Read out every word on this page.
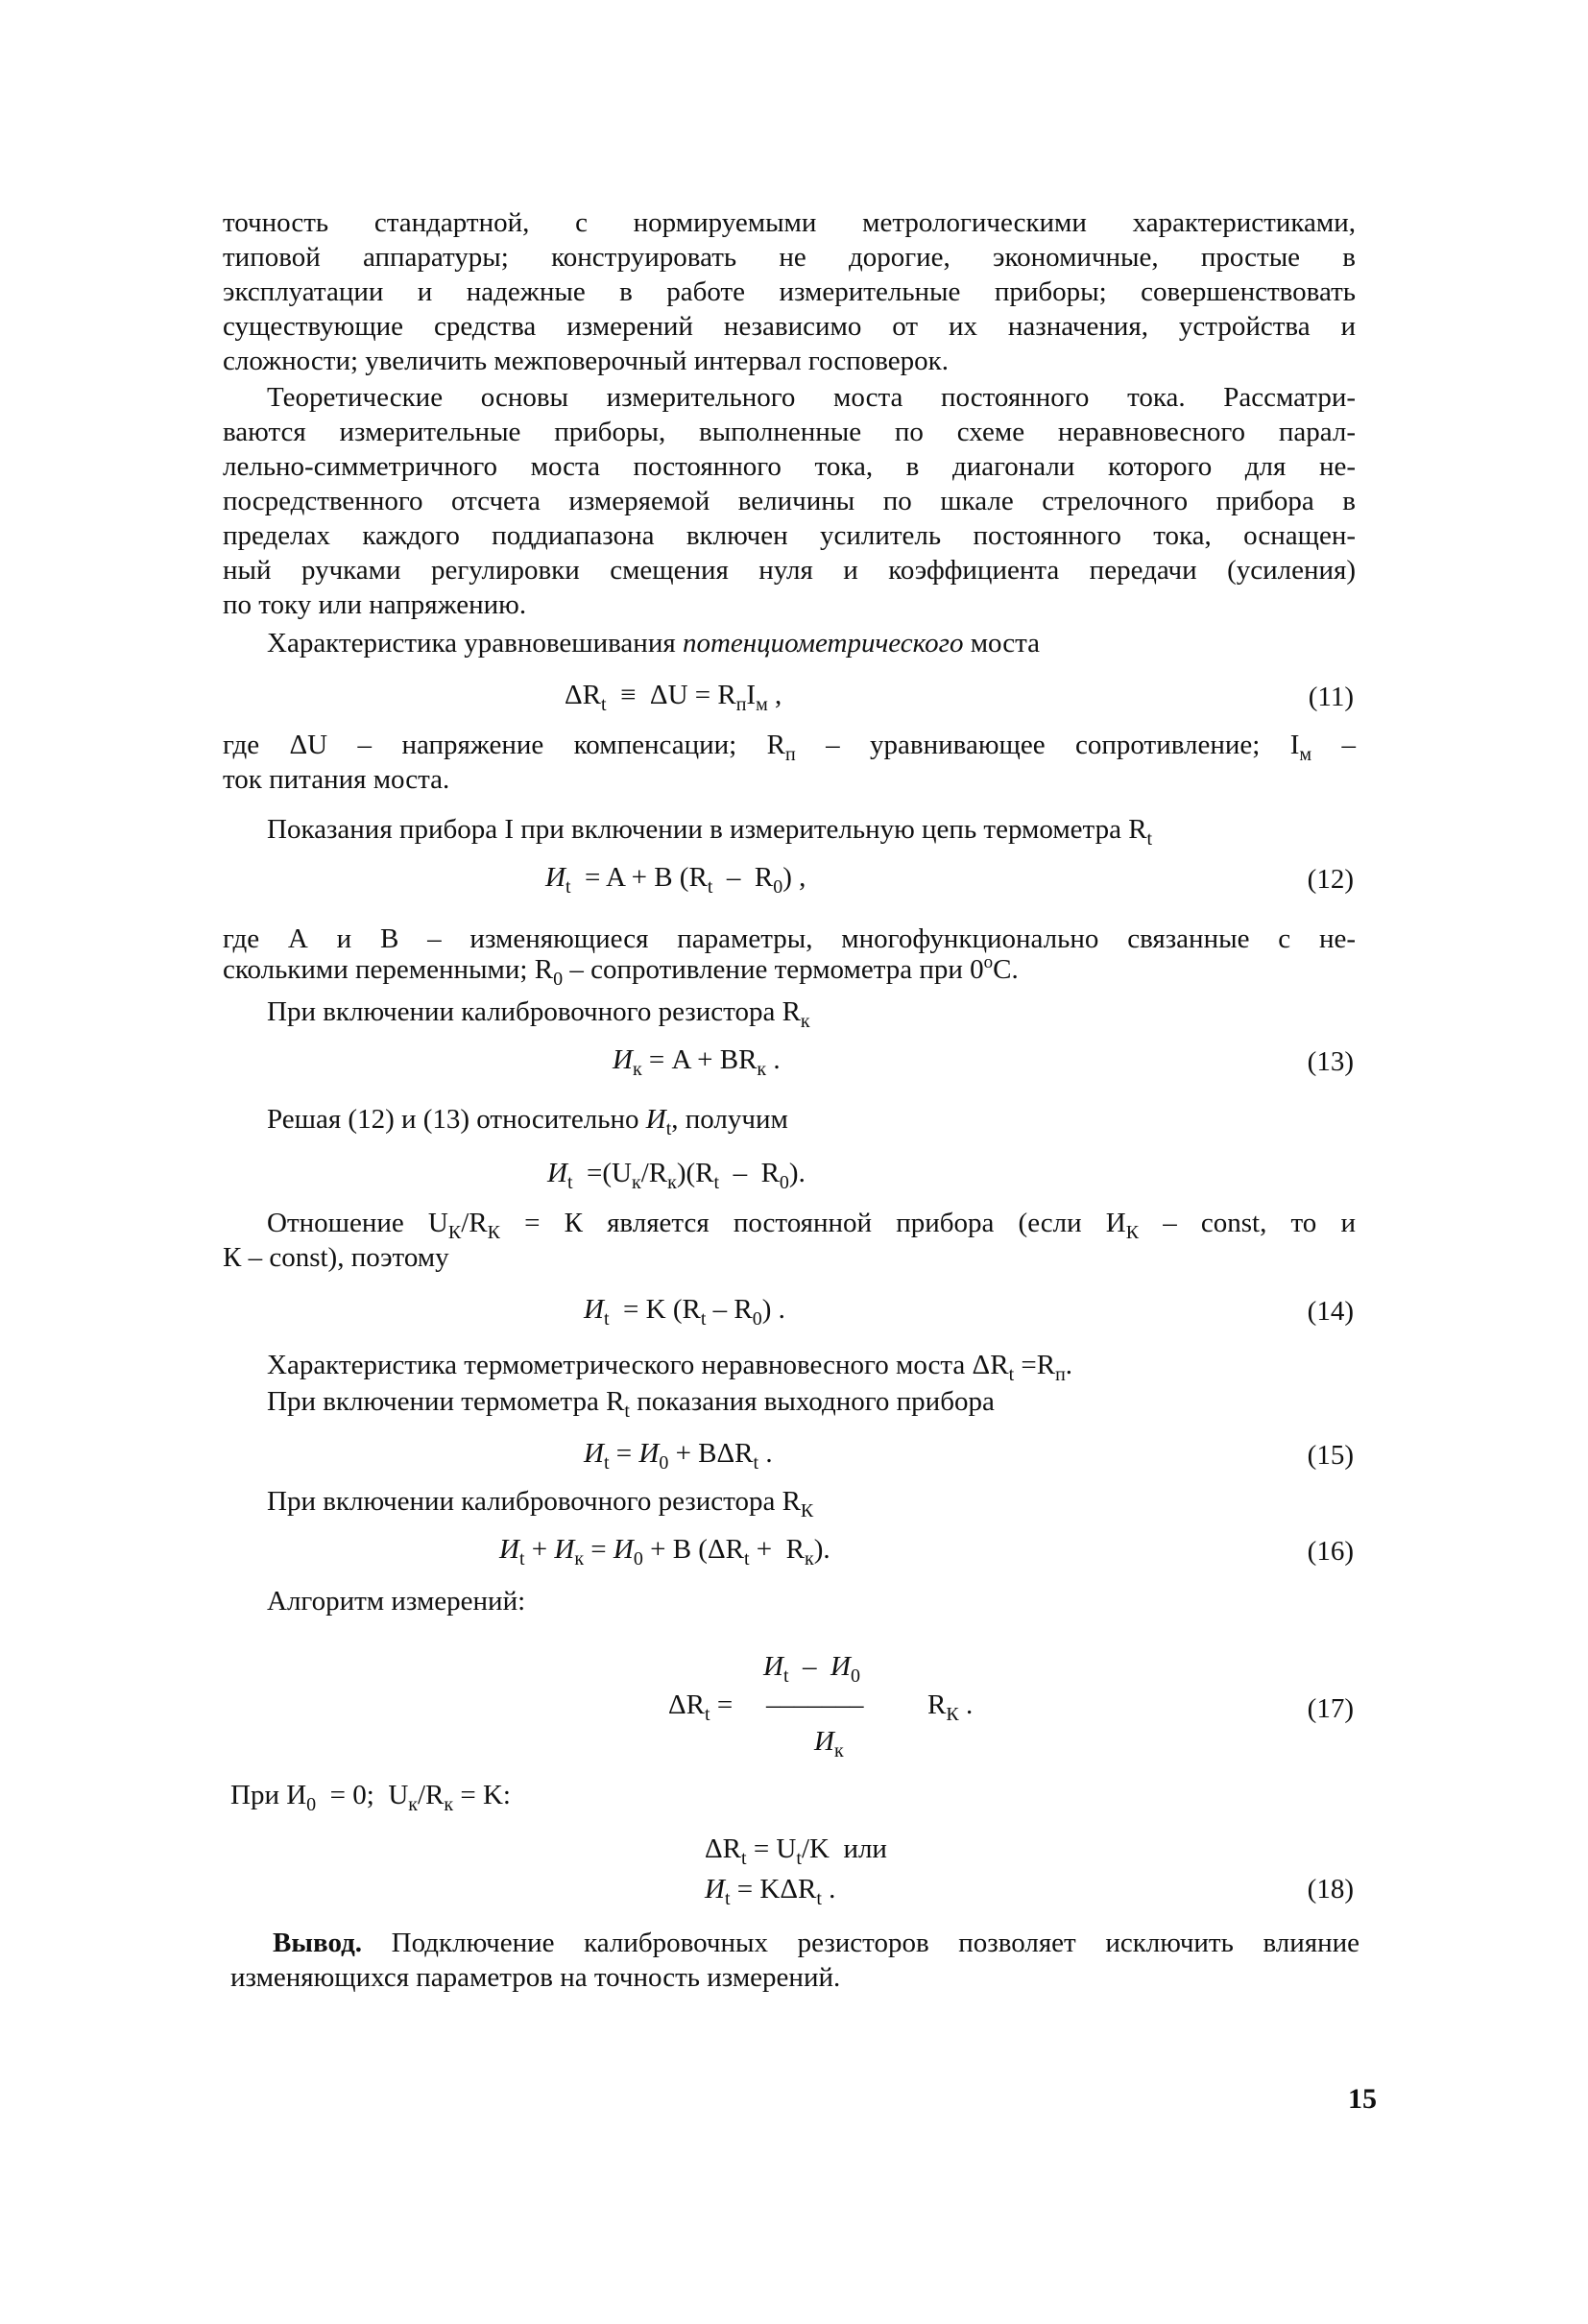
точность стандартной, с нормируемыми метрологическими характеристиками,
типовой аппаратуры; конструировать не дорогие, экономичные, простые в
эксплуатации и надежные в работе измерительные приборы; совершенствовать
существующие средства измерений независимо от их назначения, устройства и
сложности; увеличить межповерочный интервал госповерок.
Теоретические основы измерительного моста постоянного тока. Рассматри-
ваются измерительные приборы, выполненные по схеме неравновесного парал-
лельно-симметричного моста постоянного тока, в диагонали которого для не-
посредственного отсчета измеряемой величины по шкале стрелочного прибора в
пределах каждого поддиапазона включен усилитель постоянного тока, оснащен-
ный ручками регулировки смещения нуля и коэффициента передачи (усиления)
по току или напряжению.
Характеристика уравновешивания потенциометрического моста
$\Delta R_t \equiv \Delta U = R_пI_м$ ,	(11)
где ΔU – напряжение компенсации; $R_п$ – уравнивающее сопротивление; $I_м$ –
ток питания моста.
Показания прибора I при включении в измерительную цепь термометра $R_t$
$И_t = A + B$ $(R_t - R_0)$ ,	(12)
где А и В – изменяющиеся параметры, многофункционально связанные с не-
сколькими переменными; $R_0$ – сопротивление термометра при $0^оС$.
При включении калибровочного резистора $R_к$
$И_к = A + BR_к$ .	(13)
Решая (12) и (13) относительно $И_t$, получим
$И_t =(U_к/R_к)(R_t - R_0)$.
Отношение $U_К/R_К = К$ является постоянной прибора (если $И_К$ – const, то и
К – const), поэтому
$И_t = K$ $(R_t - R_0)$ .	(14)
Характеристика термометрического неравновесного моста $\Delta R_t =R_п$.
При включении термометра $R_t$ показания выходного прибора
$И_t = И_0 + B\Delta R_t$ .	(15)
При включении калибровочного резистора $R_К$
$И_t + И_к = И_0 + B$ $(\Delta R_t + R_к)$.	(16)
Алгоритм измерений:
$И_t - И_0$
$\Delta R_t$ = ––––––– $R_К$ .
$И_к$
(17)
При $И_0 = 0$;  $U_к/R_к = K$:
$\Delta R_t = U_t/K$  или
$И_t = K\Delta R_t$ .	(18)
Вывод. Подключение калибровочных резисторов позволяет исключить влияние
изменяющихся параметров на точность измерений.
15
